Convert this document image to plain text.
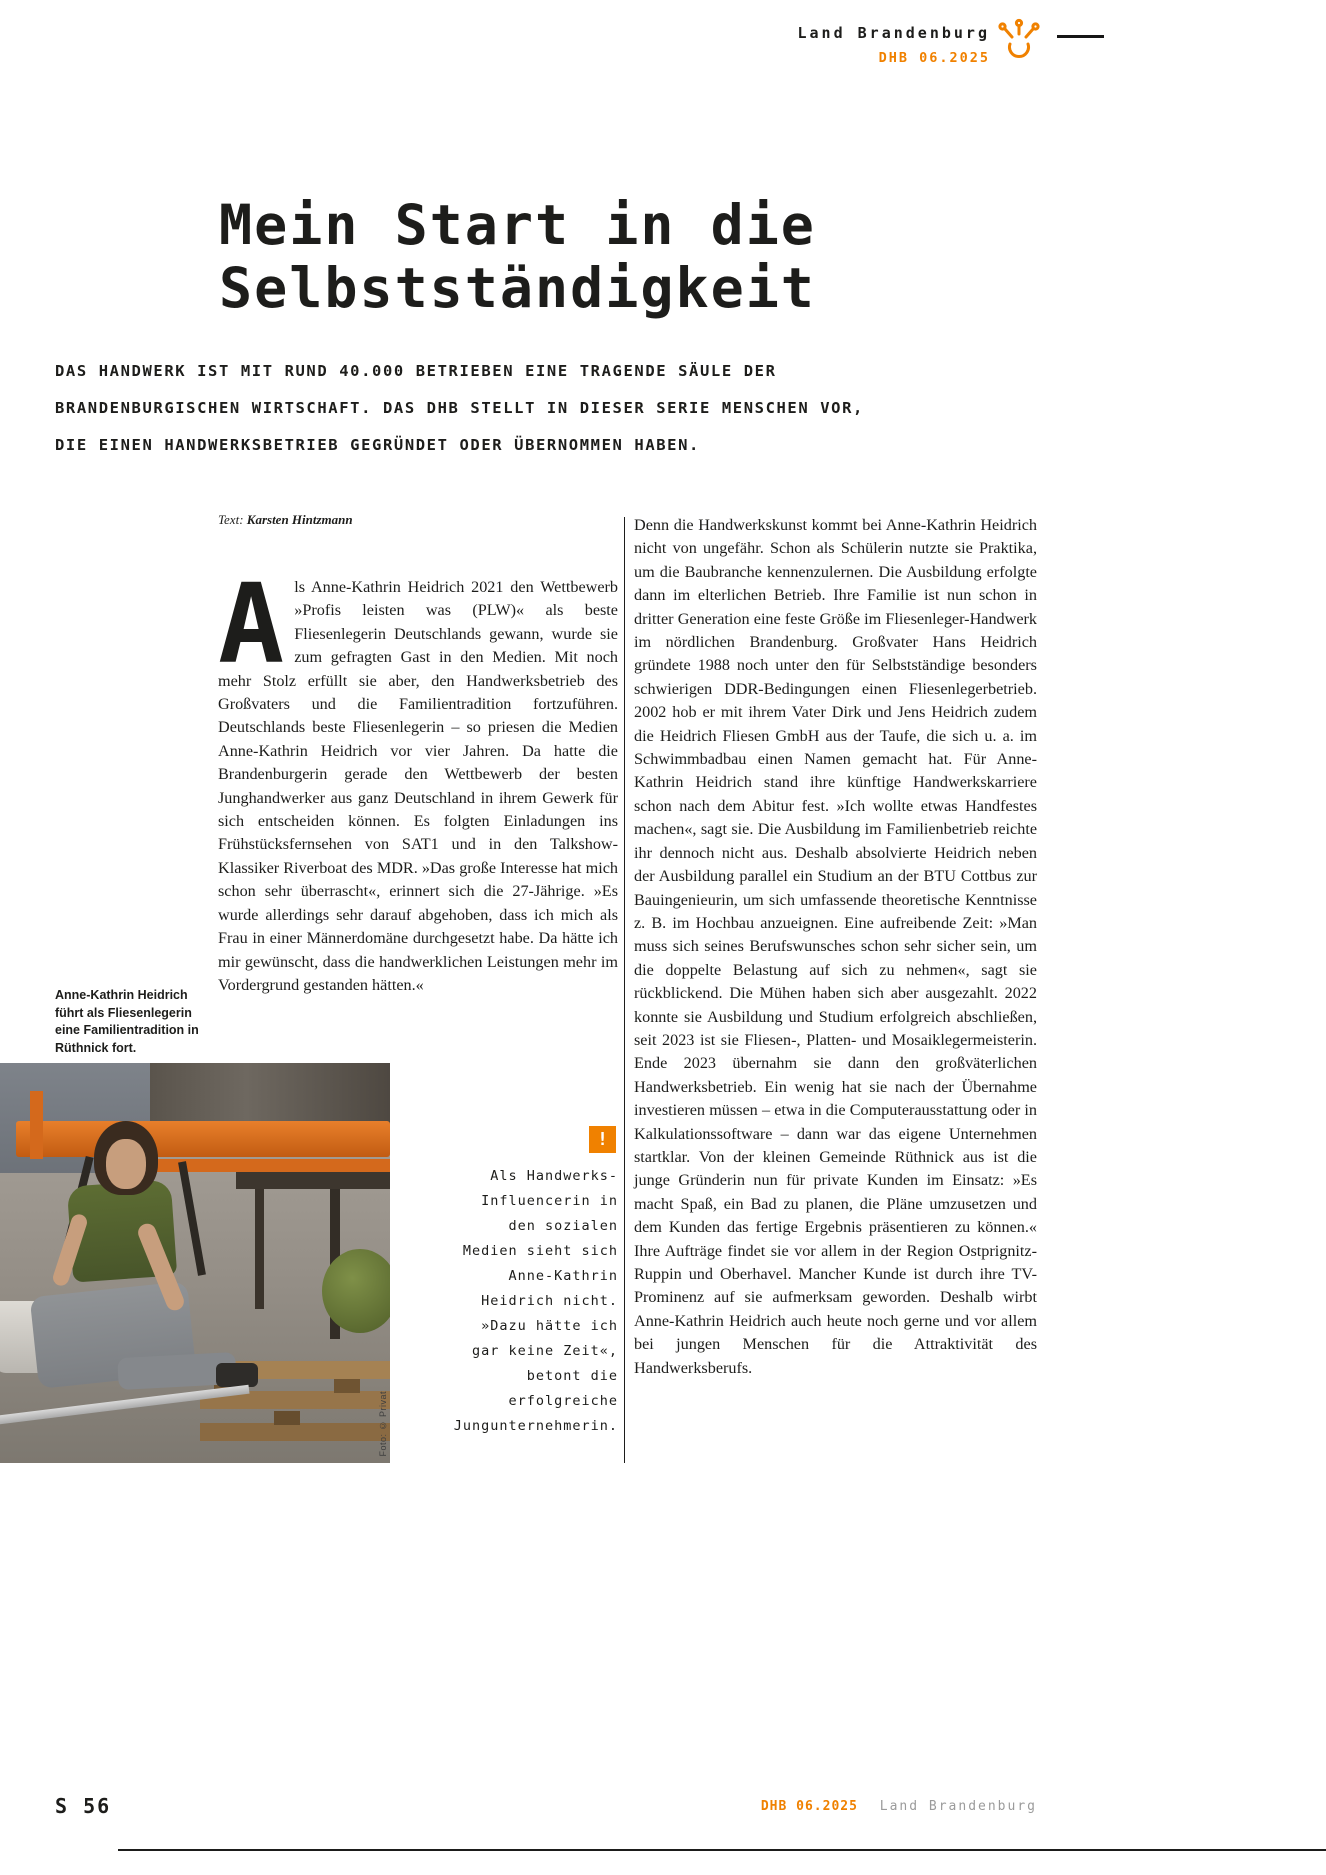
Land Brandenburg
DHB 06.2025
Mein Start in die
Selbstständigkeit

DAS HANDWERK IST MIT RUND 40.000 BETRIEBEN EINE TRAGENDE SÄULE DER BRANDENBURGISCHEN WIRTSCHAFT. DAS DHB STELLT IN DIESER SERIE MENSCHEN VOR, DIE EINEN HANDWERKSBETRIEB GEGRÜNDET ODER ÜBERNOMMEN HABEN.

Text: Karsten Hintzmann

Als Anne-Kathrin Heidrich 2021 den Wettbewerb »Profis leisten was (PLW)« als beste Fliesenlegerin Deutschlands gewann, wurde sie zum gefragten Gast in den Medien. Mit noch mehr Stolz erfüllt sie aber, den Handwerksbetrieb des Großvaters und die Familientradition fortzuführen. Deutschlands beste Fliesenlegerin – so priesen die Medien Anne-Kathrin Heidrich vor vier Jahren. Da hatte die Brandenburgerin gerade den Wettbewerb der besten Junghandwerker aus ganz Deutschland in ihrem Gewerk für sich entscheiden können. Es folgten Einladungen ins Frühstücksfernsehen von SAT1 und in den Talkshow-Klassiker Riverboat des MDR. »Das große Interesse hat mich schon sehr überrascht«, erinnert sich die 27-Jährige. »Es wurde allerdings sehr darauf abgehoben, dass ich mich als Frau in einer Männerdomäne durchgesetzt habe. Da hätte ich mir gewünscht, dass die handwerklichen Leistungen mehr im Vordergrund gestanden hätten.«

Denn die Handwerkskunst kommt bei Anne-Kathrin Heidrich nicht von ungefähr. Schon als Schülerin nutzte sie Praktika, um die Baubranche kennenzulernen. Die Ausbildung erfolgte dann im elterlichen Betrieb. Ihre Familie ist nun schon in dritter Generation eine feste Größe im Fliesenleger-Handwerk im nördlichen Brandenburg. Großvater Hans Heidrich gründete 1988 noch unter den für Selbstständige besonders schwierigen DDR-Bedingungen einen Fliesenlegerbetrieb. 2002 hob er mit ihrem Vater Dirk und Jens Heidrich zudem die Heidrich Fliesen GmbH aus der Taufe, die sich u. a. im Schwimmbadbau einen Namen gemacht hat. Für Anne-Kathrin Heidrich stand ihre künftige Handwerkskarriere schon nach dem Abitur fest. »Ich wollte etwas Handfestes machen«, sagt sie. Die Ausbildung im Familienbetrieb reichte ihr dennoch nicht aus. Deshalb absolvierte Heidrich neben der Ausbildung parallel ein Studium an der BTU Cottbus zur Bauingenieurin, um sich umfassende theoretische Kenntnisse z. B. im Hochbau anzueignen. Eine aufreibende Zeit: »Man muss sich seines Berufswunsches schon sehr sicher sein, um die doppelte Belastung auf sich zu nehmen«, sagt sie rückblickend. Die Mühen haben sich aber ausgezahlt. 2022 konnte sie Ausbildung und Studium erfolgreich abschließen, seit 2023 ist sie Fliesen-, Platten- und Mosaiklegermeisterin. Ende 2023 übernahm sie dann den großväterlichen Handwerksbetrieb. Ein wenig hat sie nach der Übernahme investieren müssen – etwa in die Computerausstattung oder in Kalkulationssoftware – dann war das eigene Unternehmen startklar. Von der kleinen Gemeinde Rüthnick aus ist die junge Gründerin nun für private Kunden im Einsatz: »Es macht Spaß, ein Bad zu planen, die Pläne umzusetzen und dem Kunden das fertige Ergebnis präsentieren zu können.« Ihre Aufträge findet sie vor allem in der Region Ostprignitz-Ruppin und Oberhavel. Mancher Kunde ist durch ihre TV-Prominenz auf sie aufmerksam geworden. Deshalb wirbt Anne-Kathrin Heidrich auch heute noch gerne und vor allem bei jungen Menschen für die Attraktivität des Handwerksberufs.

Anne-Kathrin Heidrich führt als Fliesenlegerin eine Familientradition in Rüthnick fort.

Foto: © Privat
!

Als Handwerks-Influencerin in den sozialen Medien sieht sich Anne-Kathrin Heidrich nicht. »Dazu hätte ich gar keine Zeit«, betont die erfolgreiche Jungunternehmerin.

S 56	DHB 06.2025 Land Brandenburg
